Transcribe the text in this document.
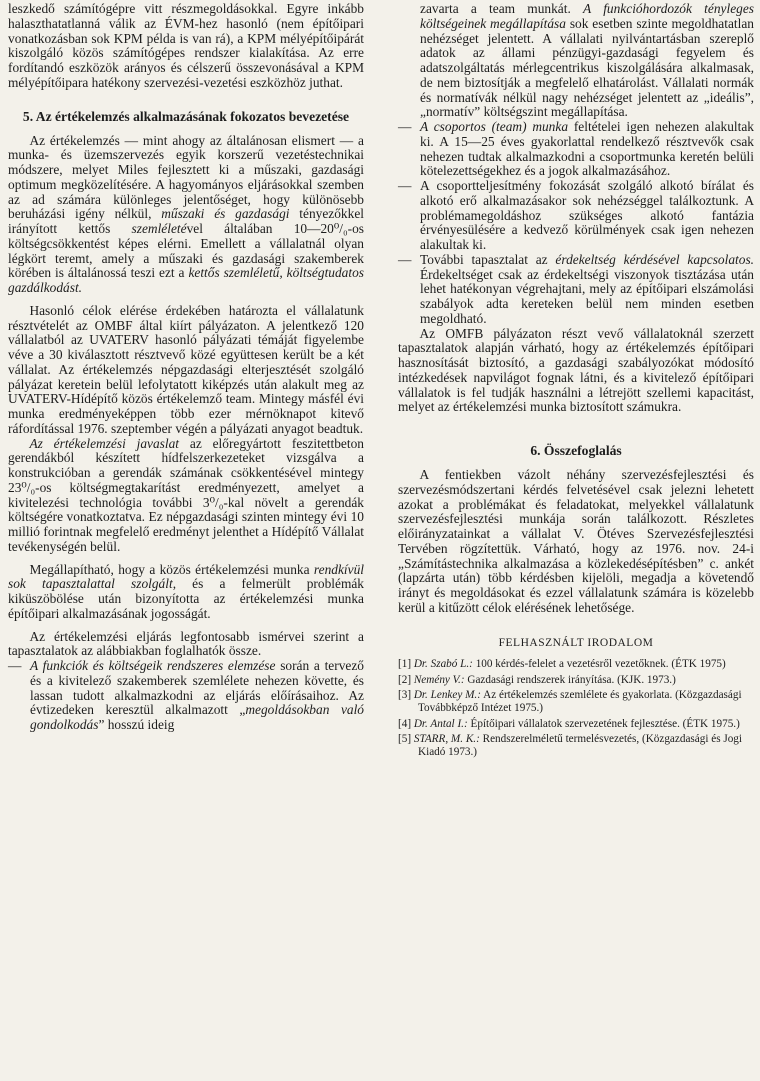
leszkedő számítógépre vitt részmegoldásokkal. Egyre inkább halaszthatatlanná válik az ÉVM-hez hasonló (nem építőipari vonatkozásban sok KPM példa is van rá), a KPM mélyépítőipárát kiszolgáló közös számítógépes rendszer kialakítása. Az erre fordítandó eszközök arányos és célszerű összevonásával a KPM mélyépítőipara hatékony szervezési-vezetési eszközhöz juthat.

5. Az értékelemzés alkalmazásának fokozatos bevezetése

Az értékelemzés — mint ahogy az általánosan elismert — a munka- és üzemszervezés egyik korszerű vezetéstechnikai módszere, melyet Miles fejlesztett ki a műszaki, gazdasági optimum megközelítésére. A hagyományos eljárásokkal szemben az ad számára különleges jelentőséget, hogy különösebb beruházási igény nélkül, műszaki és gazdasági tényezőkkel irányított kettős szemléletével általában 10—20⁰/₀-os költségcsökkentést képes elérni. Emellett a vállalatnál olyan légkört teremt, amely a műszaki és gazdasági szakemberek körében is általánossá teszi ezt a kettős szemléletű, költségtudatos gazdálkodást.

Hasonló célok elérése érdekében határozta el vállalatunk résztvételét az OMBF által kiírt pályázaton. A jelentkező 120 vállalatból az UVATERV hasonló pályázati témáját figyelembe véve a 30 kiválasztott résztvevő közé együttesen került be a két vállalat. Az értékelemzés népgazdasági elterjesztését szolgáló pályázat keretein belül lefolytatott kiképzés után alakult meg az UVATERV-Hídépítő közös értékelemző team. Mintegy másfél évi munka eredményeképpen több ezer mérnöknapot kitevő ráfordítással 1976. szeptember végén a pályázati anyagot beadtuk.

Az értékelemzési javaslat az előregyártott feszitettbeton gerendákból készített hídfelszerkezeteket vizsgálva a konstrukcióban a gerendák számának csökkentésével mintegy 23⁰/₀-os költségmegtakarítást eredményezett, amelyet a kivitelezési technológia további 3⁰/₀-kal növelt a gerendák költségére vonatkoztatva. Ez népgazdasági szinten mintegy évi 10 millió forintnak megfelelő eredményt jelenthet a Hídépítő Vállalat tevékenységén belül.

Megállapítható, hogy a közös értékelemzési munka rendkívül sok tapasztalattal szolgált, és a felmerült problémák kiküszöbölése után bizonyította az értékelemzési munka építőipari alkalmazásának jogosságát.

Az értékelemzési eljárás legfontosabb ismérvei szerint a tapasztalatok az alábbiakban foglalhatók össze.

— A funkciók és költségeik rendszeres elemzése során a tervező és a kivitelező szakemberek szemlélete nehezen követte, és lassan tudott alkalmazkodni az eljárás előírásaihoz. Az évtizedeken keresztül alkalmazott „megoldásokban való gondolkodás” hosszú ideig

zavarta a team munkát. A funkcióhordozók tényleges költségeinek megállapítása sok esetben szinte megoldhatatlan nehézséget jelentett. A vállalati nyilvántartásban szereplő adatok az állami pénzügyi-gazdasági fegyelem és adatszolgáltatás mérlegcentrikus kiszolgálására alkalmasak, de nem biztosítják a megfelelő elhatárolást. Vállalati normák és normatívák nélkül nagy nehézséget jelentett az „ideális”, „normatív” költségszint megállapítása.

— A csoportos (team) munka feltételei igen nehezen alakultak ki. A 15—25 éves gyakorlattal rendelkező résztvevők csak nehezen tudtak alkalmazkodni a csoportmunka keretén belüli kötelezettségekhez és a jogok alkalmazásához.
— A csoportteljesítmény fokozását szolgáló alkotó bírálat és alkotó erő alkalmazásakor sok nehézséggel találkoztunk. A problémamegoldáshoz szükséges alkotó fantázia érvényesülésére a kedvező körülmények csak igen nehezen alakultak ki.
— További tapasztalat az érdekeltség kérdésével kapcsolatos. Érdekeltséget csak az érdekeltségi viszonyok tisztázása után lehet hatékonyan végrehajtani, mely az építőipari elszámolási szabályok adta kereteken belül nem minden esetben megoldható.

Az OMFB pályázaton részt vevő vállalatoknál szerzett tapasztalatok alapján várható, hogy az értékelemzés építőipari hasznosítását biztosító, a gazdasági szabályozókat módosító intézkedések napvilágot fognak látni, és a kivitelező építőipari vállalatok is fel tudják használni a létrejött szellemi kapacitást, melyet az értékelemzési munka biztosított számukra.

6. Összefoglalás

A fentiekben vázolt néhány szervezésfejlesztési és szervezésmódszertani kérdés felvetésével csak jelezni lehetett azokat a problémákat és feladatokat, melyekkel vállalatunk szervezésfejlesztési munkája során találkozott. Részletes előirányzatainkat a vállalat V. Ötéves Szervezésfejlesztési Tervében rögzítettük. Várható, hogy az 1976. nov. 24-i „Számítástechnika alkalmazása a közlekedésépítésben” c. ankét (lapzárta után) több kérdésben kijelöli, megadja a követendő irányt és megoldásokat és ezzel vállalatunk számára is közelebb kerül a kitűzött célok elérésének lehetősége.

FELHASZNÁLT IRODALOM

[1] Dr. Szabó L.: 100 kérdés-felelet a vezetésről vezetőknek. (ÉTK 1975)

[2] Nemény V.: Gazdasági rendszerek irányítása. (KJK. 1973.)

[3] Dr. Lenkey M.: Az értékelemzés szemlélete és gyakorlata. (Közgazdasági Továbbképző Intézet 1975.)

[4] Dr. Antal I.: Építőipari vállalatok szervezetének fejlesztése. (ÉTK 1975.)

[5] STARR, M. K.: Rendszerelméletű termelésvezetés, (Közgazdasági és Jogi Kiadó 1973.)
